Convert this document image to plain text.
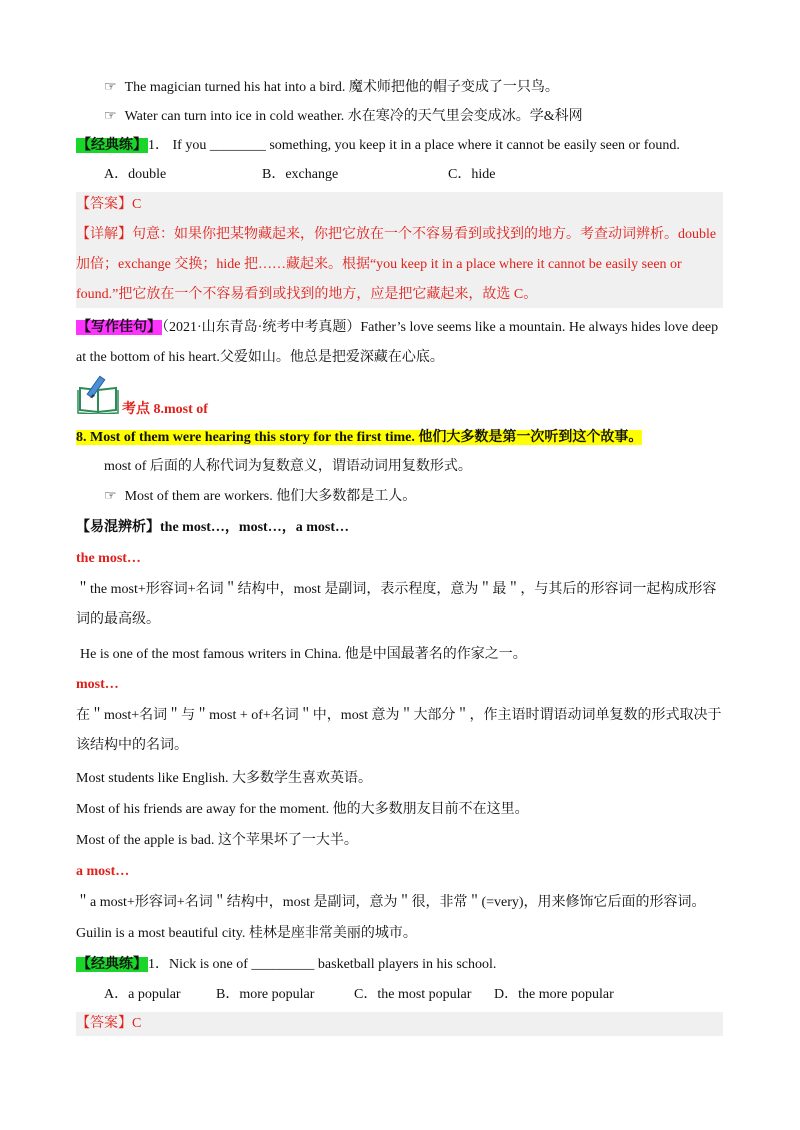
☞ The magician turned his hat into a bird. 魔术师把他的帽子变成了一只鸟。
☞ Water can turn into ice in cold weather. 水在寒冷的天气里会变成冰。学&科网
【经典练】1． If you ________ something, you keep it in a place where it cannot be easily seen or found.
A．double	B．exchange	C．hide
【答案】C
【详解】句意：如果你把某物藏起来，你把它放在一个不容易看到或找到的地方。考查动词辨析。double 加倍；exchange 交换；hide 把……藏起来。根据“you keep it in a place where it cannot be easily seen or found.”把它放在一个不容易看到或找到的地方，应是把它藏起来，故选 C。
【写作佳句】（2021·山东青岛·统考中考真题）Father’s love seems like a mountain. He always hides love deep at the bottom of his heart.父爱如山。他总是把爱深藏在心底。
考点 8.most of
8. Most of them were hearing this story for the first time. 他们大多数是第一次听到这个故事。
most of 后面的人称代词为复数意义，谓语动词用复数形式。
☞ Most of them are workers. 他们大多数都是工人。
【易混辨析】the most…，most…，a most…
the most…
＂the most+形容词+名词＂结构中，most 是副词，表示程度，意为＂最＂，与其后的形容词一起构成形容词的最高级。
He is one of the most famous writers in China. 他是中国最著名的作家之一。
most…
在＂most+名词＂与＂most + of+名词＂中，most 意为＂大部分＂，作主语时谓语动词单复数的形式取决于该结构中的名词。
Most students like English. 大多数学生喜欢英语。
Most of his friends are away for the moment. 他的大多数朋友目前不在这里。
Most of the apple is bad. 这个苹果坏了一大半。
a most…
＂a most+形容词+名词＂结构中，most 是副词，意为＂很，非常＂(=very)，用来修饰它后面的形容词。
Guilin is a most beautiful city. 桂林是座非常美丽的城市。
【经典练】1．Nick is one of _________ basketball players in his school.
A．a popular	B．more popular	C．the most popular D．the more popular
【答案】C
